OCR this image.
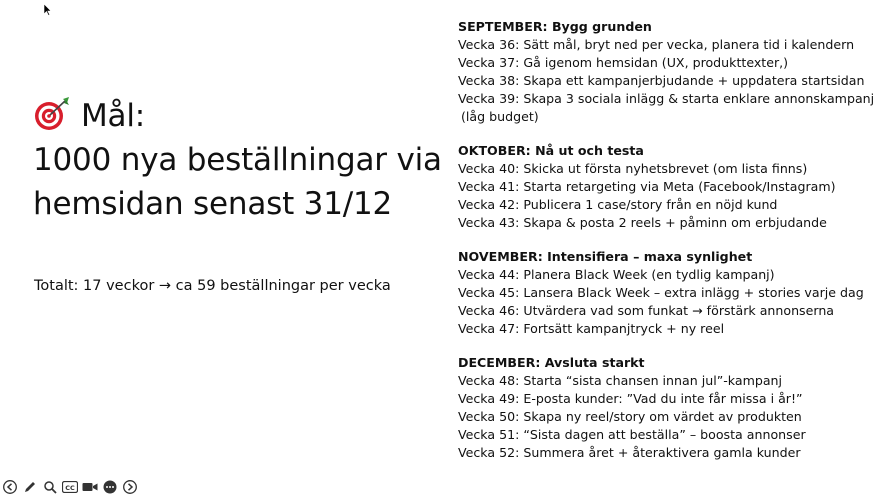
Mål:
1000 nya beställningar via
hemsidan senast 31/12
Totalt: 17 veckor → ca 59 beställningar per vecka
SEPTEMBER: Bygg grunden
Vecka 36: Sätt mål, bryt ned per vecka, planera tid i kalendern
Vecka 37: Gå igenom hemsidan (UX, produkttexter,)
Vecka 38: Skapa ett kampanjerbjudande + uppdatera startsidan
Vecka 39: Skapa 3 sociala inlägg & starta enklare annonskampanj
(låg budget)
OKTOBER: Nå ut och testa
Vecka 40: Skicka ut första nyhetsbrevet (om lista finns)
Vecka 41: Starta retargeting via Meta (Facebook/Instagram)
Vecka 42: Publicera 1 case/story från en nöjd kund
Vecka 43: Skapa & posta 2 reels + påminn om erbjudande
NOVEMBER: Intensifiera – maxa synlighet
Vecka 44: Planera Black Week (en tydlig kampanj)
Vecka 45: Lansera Black Week – extra inlägg + stories varje dag
Vecka 46: Utvärdera vad som funkat → förstärk annonserna
Vecka 47: Fortsätt kampanjtryck + ny reel
DECEMBER: Avsluta starkt
Vecka 48: Starta “sista chansen innan jul”-kampanj
Vecka 49: E-posta kunder: ”Vad du inte får missa i år!”
Vecka 50: Skapa ny reel/story om värdet av produkten
Vecka 51: “Sista dagen att beställa” – boosta annonser
Vecka 52: Summera året + återaktivera gamla kunder
CC
